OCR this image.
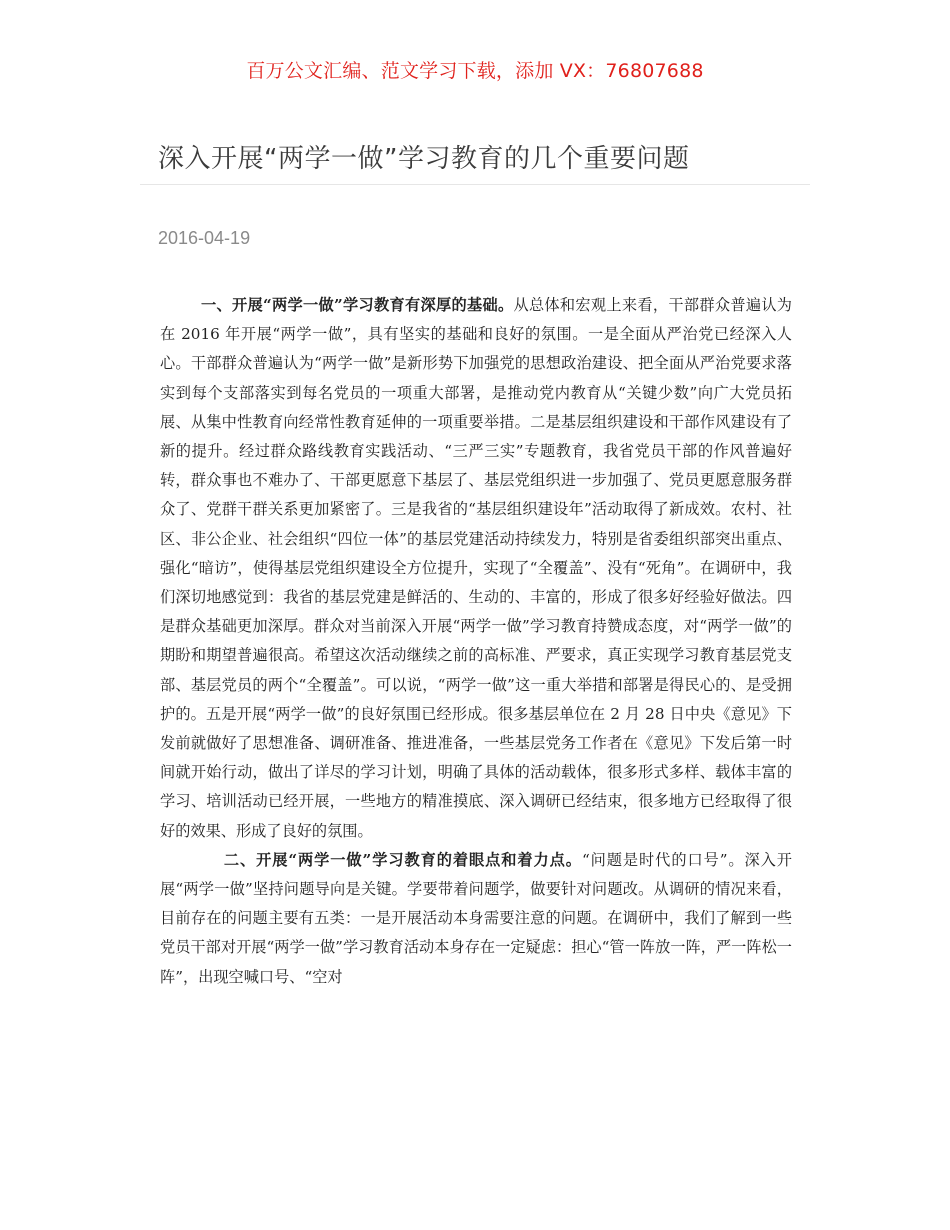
百万公文汇编、范文学习下载，添加 VX：76807688
深入开展“两学一做”学习教育的几个重要问题
2016-04-19

一、开展“两学一做”学习教育有深厚的基础。从总体和宏观上来看，干部群众普遍认为在 2016 年开展“两学一做”，具有坚实的基础和良好的氛围。一是全面从严治党已经深入人心。干部群众普遍认为“两学一做”是新形势下加强党的思想政治建设、把全面从严治党要求落实到每个支部落实到每名党员的一项重大部署，是推动党内教育从“关键少数”向广大党员拓展、从集中性教育向经常性教育延伸的一项重要举措。二是基层组织建设和干部作风建设有了新的提升。经过群众路线教育实践活动、“三严三实”专题教育，我省党员干部的作风普遍好转，群众事也不难办了、干部更愿意下基层了、基层党组织进一步加强了、党员更愿意服务群众了、党群干群关系更加紧密了。三是我省的“基层组织建设年”活动取得了新成效。农村、社区、非公企业、社会组织“四位一体”的基层党建活动持续发力，特别是省委组织部突出重点、强化“暗访”，使得基层党组织建设全方位提升，实现了“全覆盖”、没有“死角”。在调研中，我们深切地感觉到：我省的基层党建是鲜活的、生动的、丰富的，形成了很多好经验好做法。四是群众基础更加深厚。群众对当前深入开展“两学一做”学习教育持赞成态度，对“两学一做”的期盼和期望普遍很高。希望这次活动继续之前的高标准、严要求，真正实现学习教育基层党支部、基层党员的两个“全覆盖”。可以说，“两学一做”这一重大举措和部署是得民心的、是受拥护的。五是开展“两学一做”的良好氛围已经形成。很多基层单位在 2 月 28 日中央《意见》下发前就做好了思想准备、调研准备、推进准备，一些基层党务工作者在《意见》下发后第一时间就开始行动，做出了详尽的学习计划，明确了具体的活动载体，很多形式多样、载体丰富的学习、培训活动已经开展，一些地方的精准摸底、深入调研已经结束，很多地方已经取得了很好的效果、形成了良好的氛围。

二、开展“两学一做”学习教育的着眼点和着力点。“问题是时代的口号”。深入开展“两学一做”坚持问题导向是关键。学要带着问题学，做要针对问题改。从调研的情况来看，目前存在的问题主要有五类：一是开展活动本身需要注意的问题。在调研中，我们了解到一些党员干部对开展“两学一做”学习教育活动本身存在一定疑虑：担心“管一阵放一阵，严一阵松一阵”，出现空喊口号、“空对
